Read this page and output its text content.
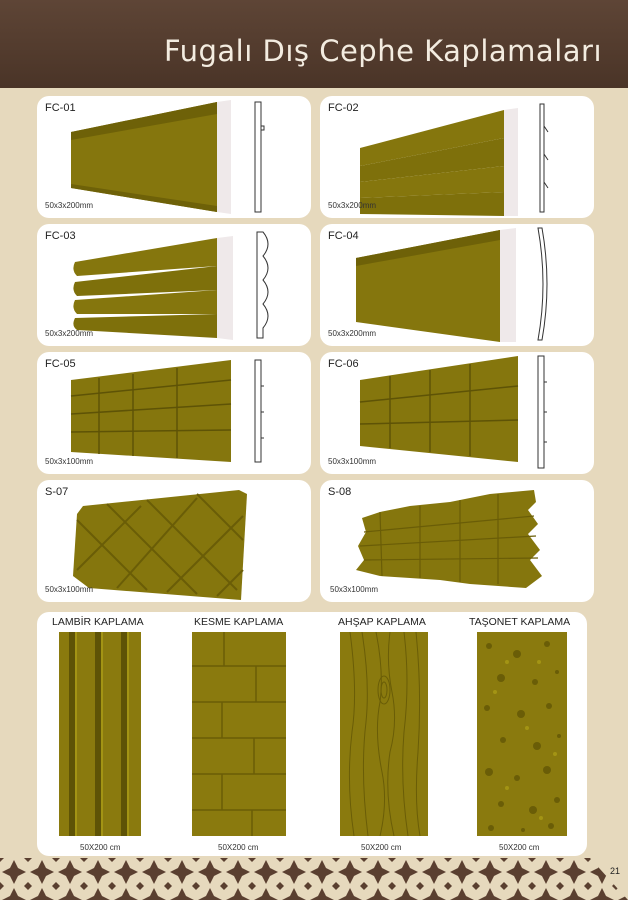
Fugalı Dış Cephe Kaplamaları
FC-01
50x3x200mm
FC-02
50x3x200mm
FC-03
50x3x200mm
FC-04
50x3x200mm
FC-05
50x3x100mm
FC-06
50x3x100mm
S-07
50x3x100mm
S-08
50x3x100mm
LAMBİR KAPLAMA	KESME KAPLAMA	AHŞAP KAPLAMA	TAŞONET KAPLAMA
50X200 cm	50X200 cm	50X200 cm	50X200 cm
21
